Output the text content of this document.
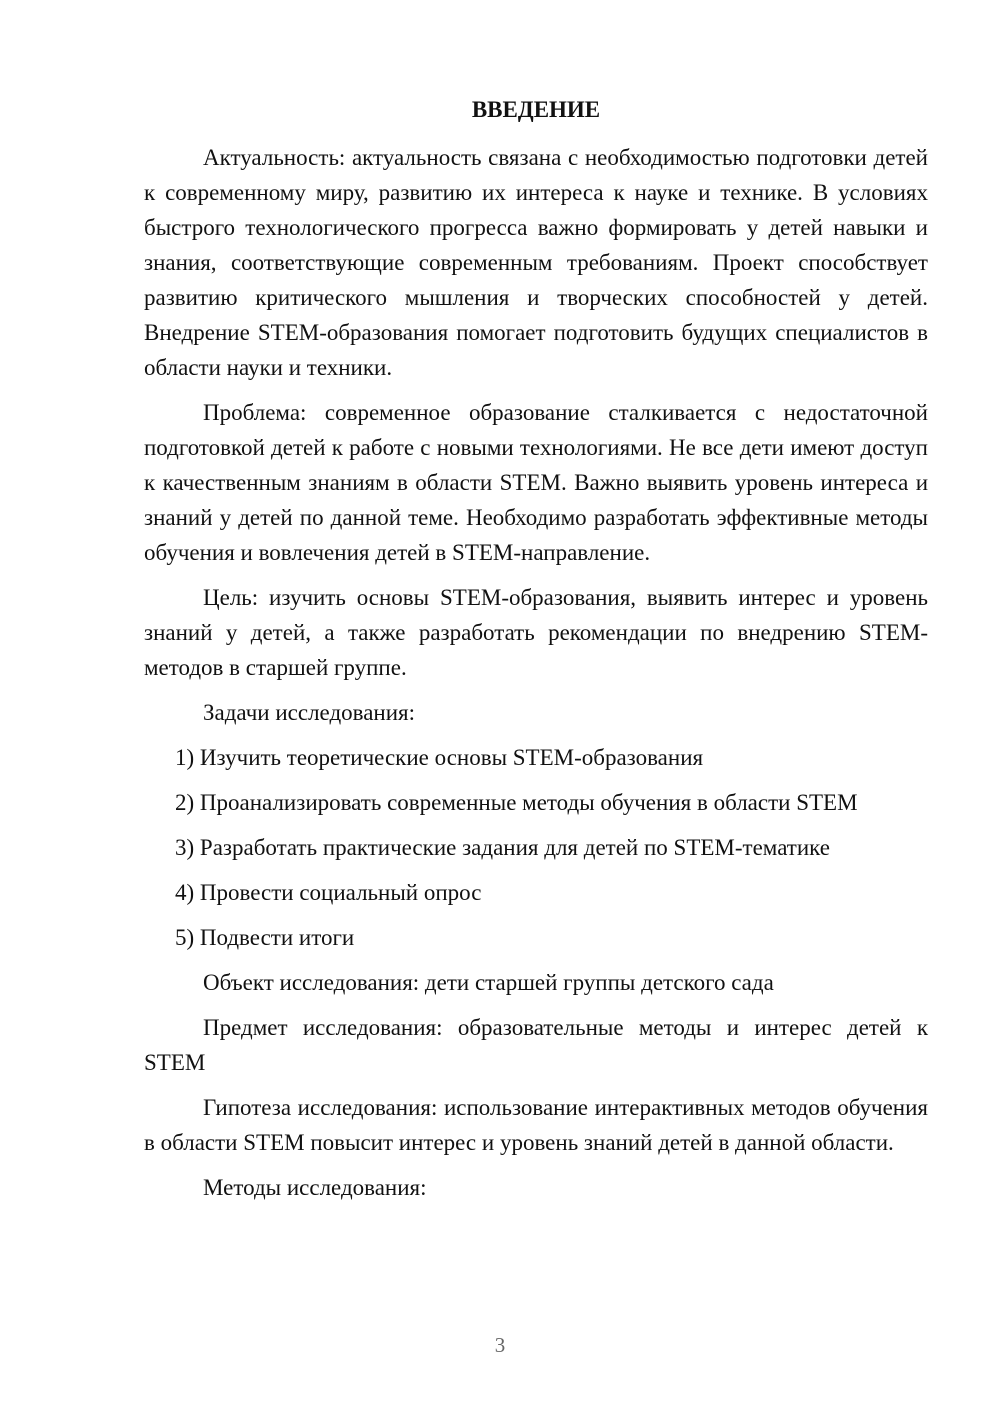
ВВЕДЕНИЕ

Актуальность: актуальность связана с необходимостью подготовки детей к современному миру, развитию их интереса к науке и технике. В условиях быстрого технологического прогресса важно формировать у детей навыки и знания, соответствующие современным требованиям. Проект способствует развитию критического мышления и творческих способностей у детей. Внедрение STEM-образования помогает подготовить будущих специалистов в области науки и техники.

Проблема: современное образование сталкивается с недостаточной подготовкой детей к работе с новыми технологиями. Не все дети имеют доступ к качественным знаниям в области STEM. Важно выявить уровень интереса и знаний у детей по данной теме. Необходимо разработать эффективные методы обучения и вовлечения детей в STEM-направление.

Цель: изучить основы STEM-образования, выявить интерес и уровень знаний у детей, а также разработать рекомендации по внедрению STEM-методов в старшей группе.

Задачи исследования:

1) Изучить теоретические основы STEM-образования
2) Проанализировать современные методы обучения в области STEM
3) Разработать практические задания для детей по STEM-тематике
4) Провести социальный опрос
5) Подвести итоги

Объект исследования: дети старшей группы детского сада

Предмет исследования: образовательные методы и интерес детей к STEM

Гипотеза исследования: использование интерактивных методов обучения в области STEM повысит интерес и уровень знаний детей в данной области.

Методы исследования:

3
